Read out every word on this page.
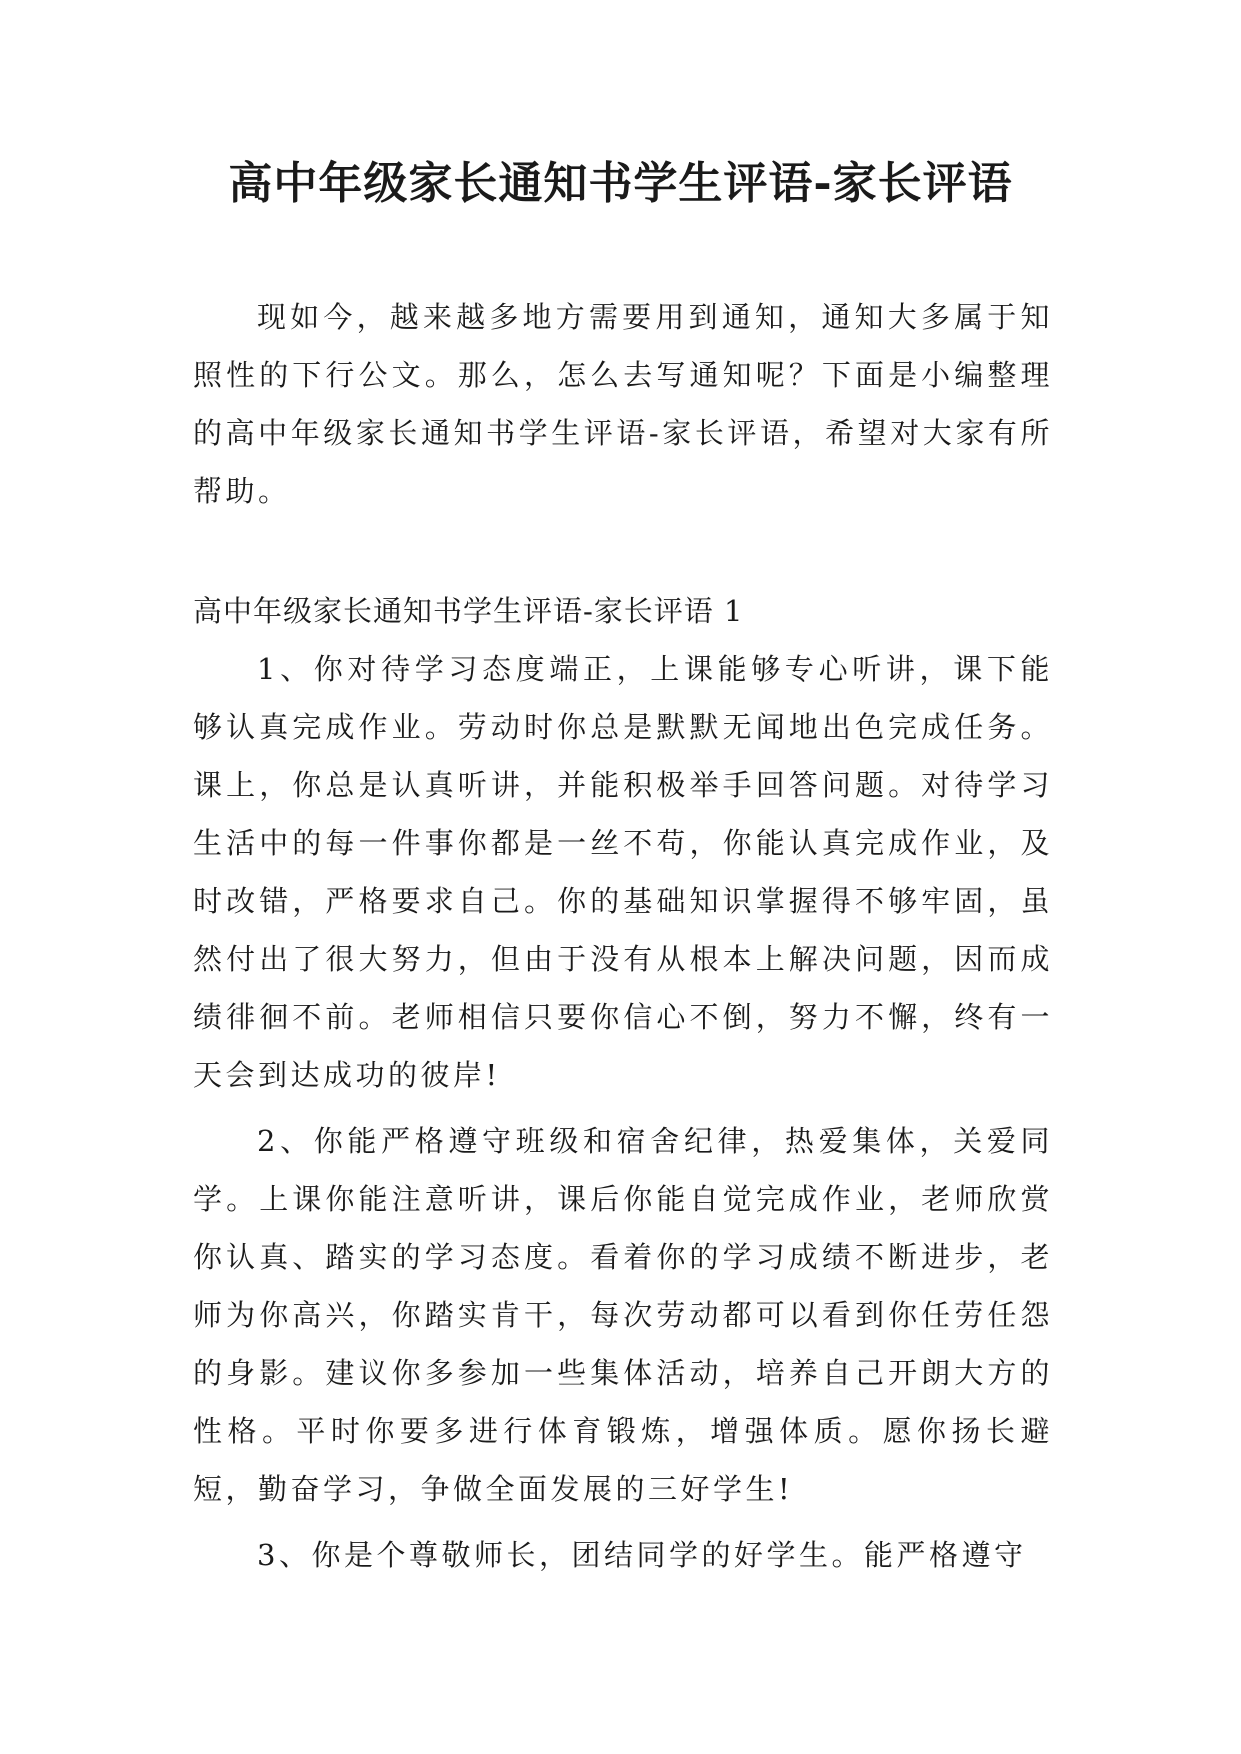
高中年级家长通知书学生评语-家长评语

现如今，越来越多地方需要用到通知，通知大多属于知照性的下行公文。那么，怎么去写通知呢？下面是小编整理的高中年级家长通知书学生评语-家长评语，希望对大家有所帮助。

高中年级家长通知书学生评语-家长评语 1

1、你对待学习态度端正，上课能够专心听讲，课下能够认真完成作业。劳动时你总是默默无闻地出色完成任务。课上，你总是认真听讲，并能积极举手回答问题。对待学习生活中的每一件事你都是一丝不苟，你能认真完成作业，及时改错，严格要求自己。你的基础知识掌握得不够牢固，虽然付出了很大努力，但由于没有从根本上解决问题，因而成绩徘徊不前。老师相信只要你信心不倒，努力不懈，终有一天会到达成功的彼岸!

2、你能严格遵守班级和宿舍纪律，热爱集体，关爱同学。上课你能注意听讲，课后你能自觉完成作业，老师欣赏你认真、踏实的学习态度。看着你的学习成绩不断进步，老师为你高兴，你踏实肯干，每次劳动都可以看到你任劳任怨的身影。建议你多参加一些集体活动，培养自己开朗大方的性格。平时你要多进行体育锻炼，增强体质。愿你扬长避短，勤奋学习，争做全面发展的三好学生!

3、你是个尊敬师长，团结同学的好学生。能严格遵守
